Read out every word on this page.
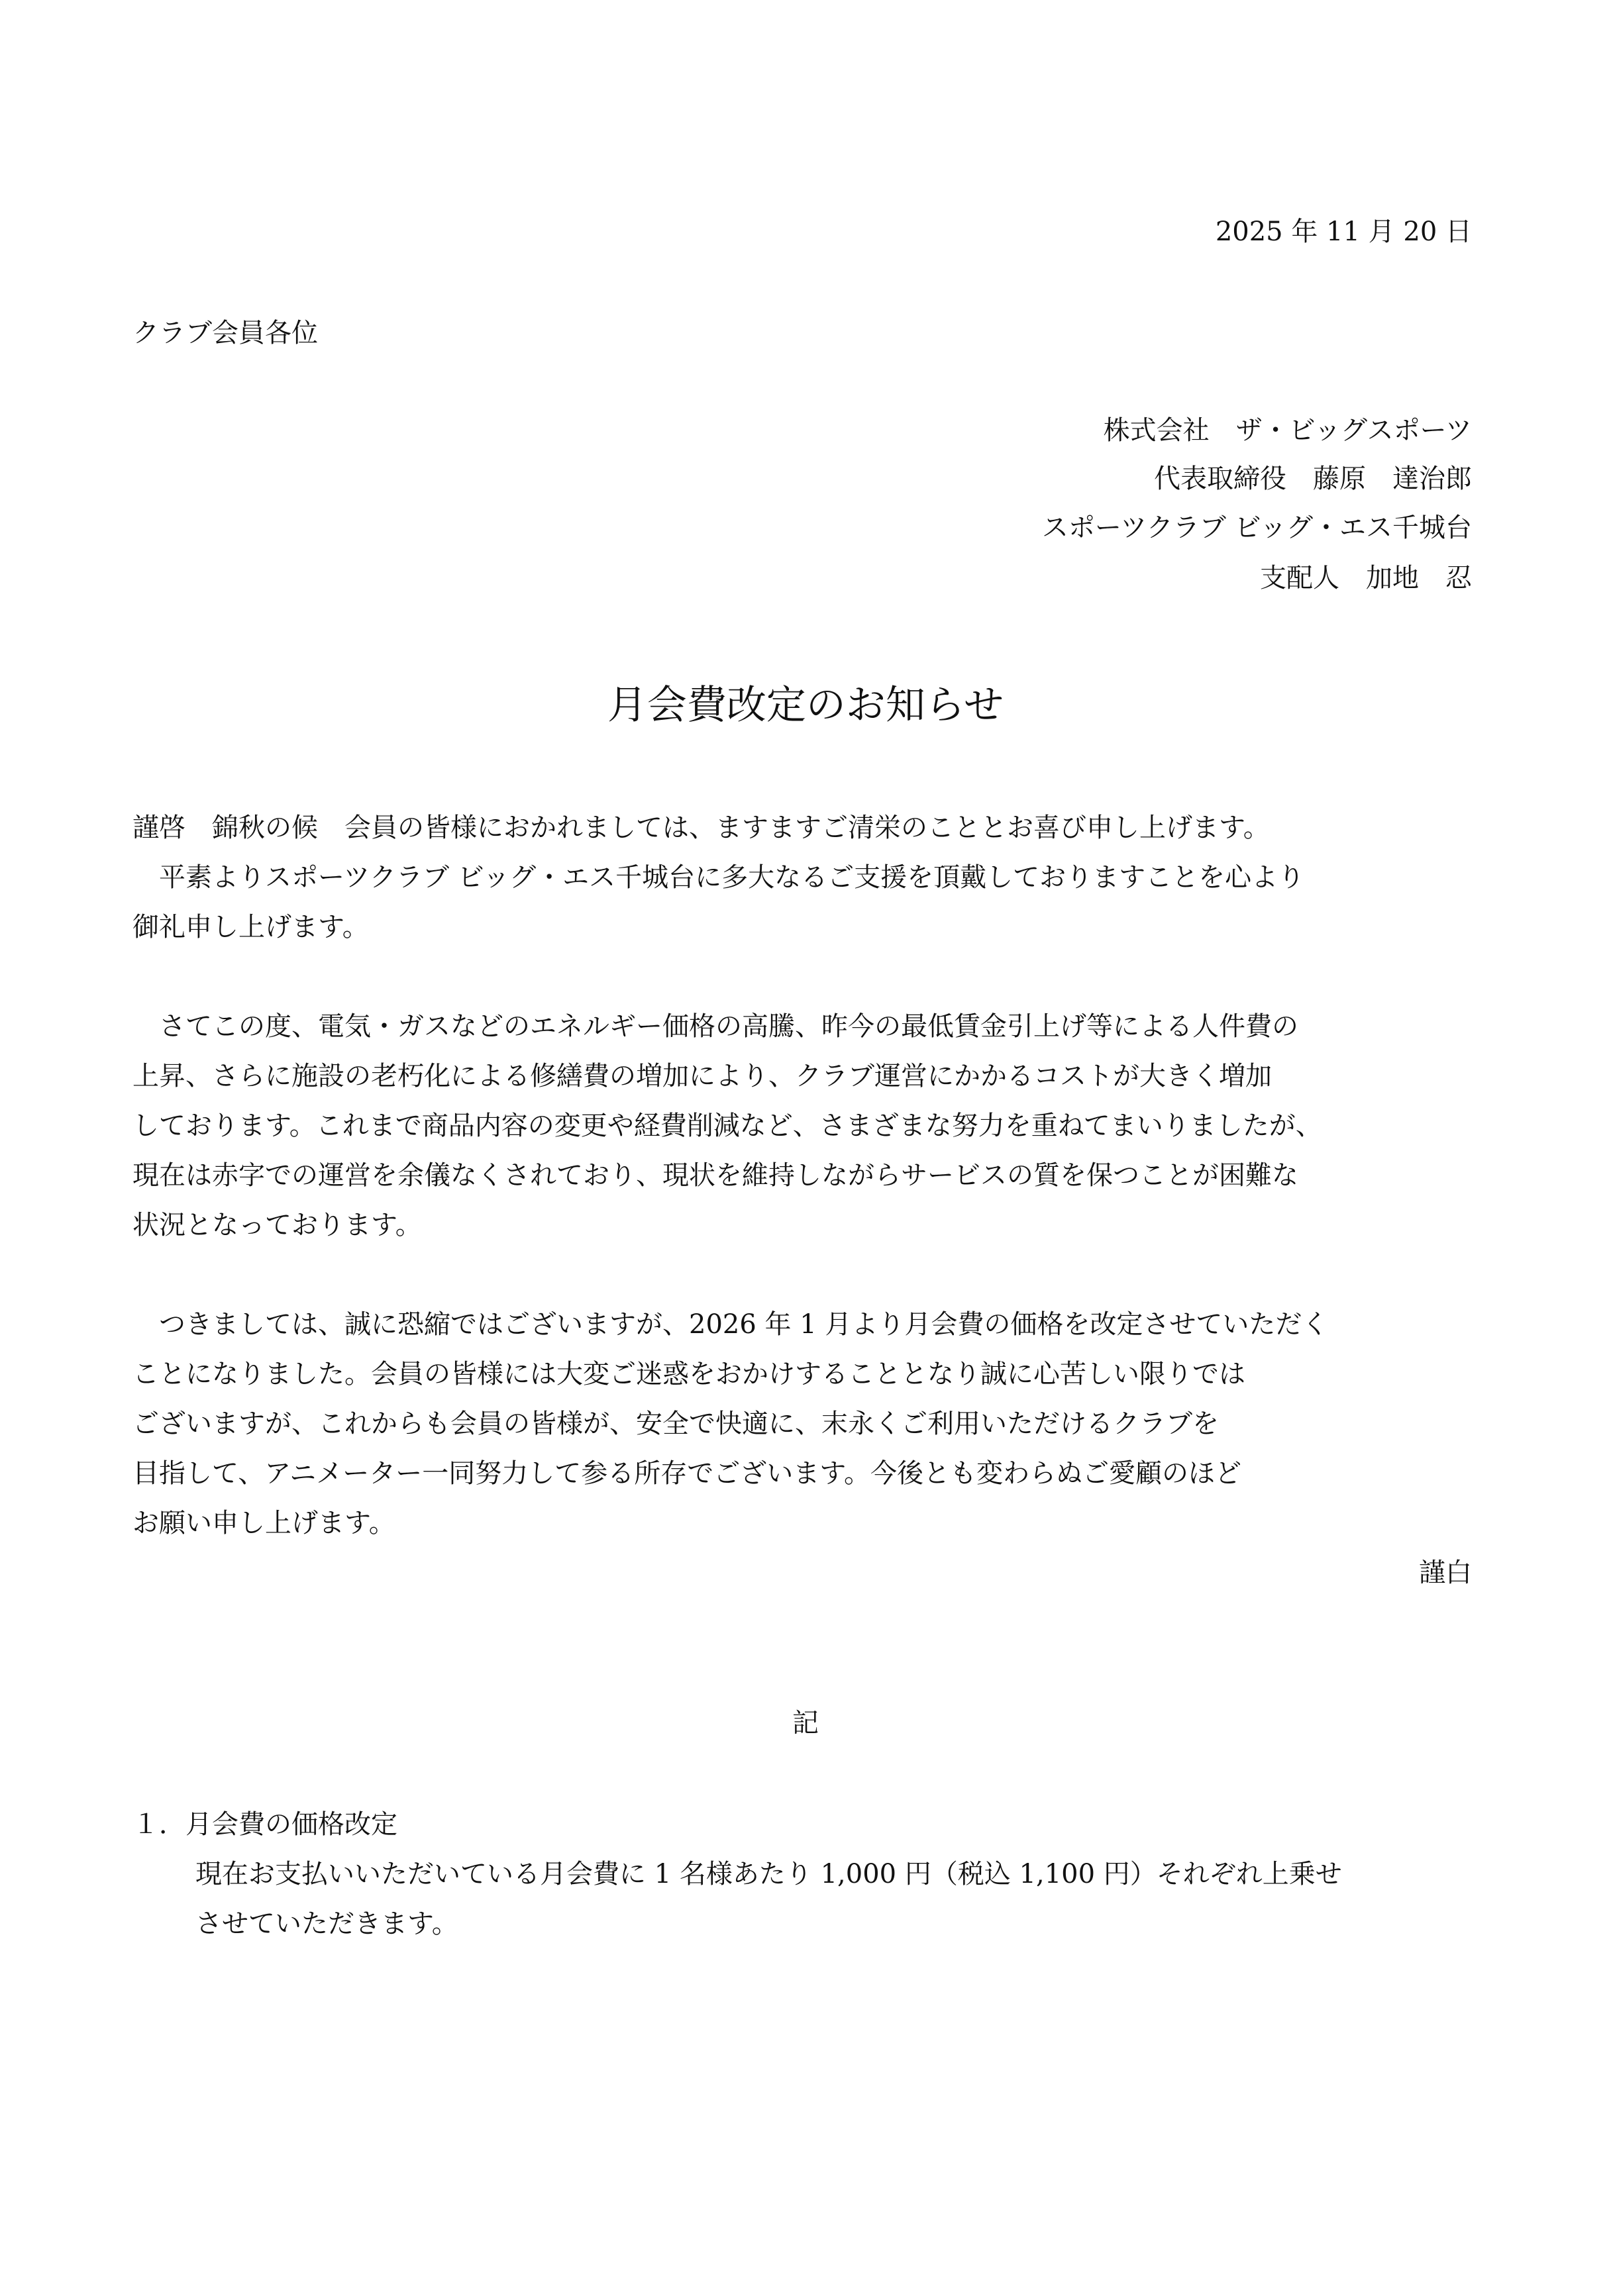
2025 年 11 月 20 日
クラブ会員各位
株式会社　ザ・ビッグスポーツ
代表取締役　藤原　達治郎
スポーツクラブ ビッグ・エス千城台
支配人　加地　忍
月会費改定のお知らせ
謹啓　錦秋の候　会員の皆様におかれましては、ますますご清栄のこととお喜び申し上げます。
　平素よりスポーツクラブ ビッグ・エス千城台に多大なるご支援を頂戴しておりますことを心より
御礼申し上げます。
　さてこの度、電気・ガスなどのエネルギー価格の高騰、昨今の最低賃金引上げ等による人件費の
上昇、さらに施設の老朽化による修繕費の増加により、クラブ運営にかかるコストが大きく増加
しております。これまで商品内容の変更や経費削減など、さまざまな努力を重ねてまいりましたが、
現在は赤字での運営を余儀なくされており、現状を維持しながらサービスの質を保つことが困難な
状況となっております。
　つきましては、誠に恐縮ではございますが、2026 年 1 月より月会費の価格を改定させていただく
ことになりました。会員の皆様には大変ご迷惑をおかけすることとなり誠に心苦しい限りでは
ございますが、これからも会員の皆様が、安全で快適に、末永くご利用いただけるクラブを
目指して、アニメーター一同努力して参る所存でございます。今後とも変わらぬご愛顧のほど
お願い申し上げます。
謹白
記
１．月会費の価格改定
現在お支払いいただいている月会費に 1 名様あたり 1,000 円（税込 1,100 円）それぞれ上乗せ
させていただきます。
